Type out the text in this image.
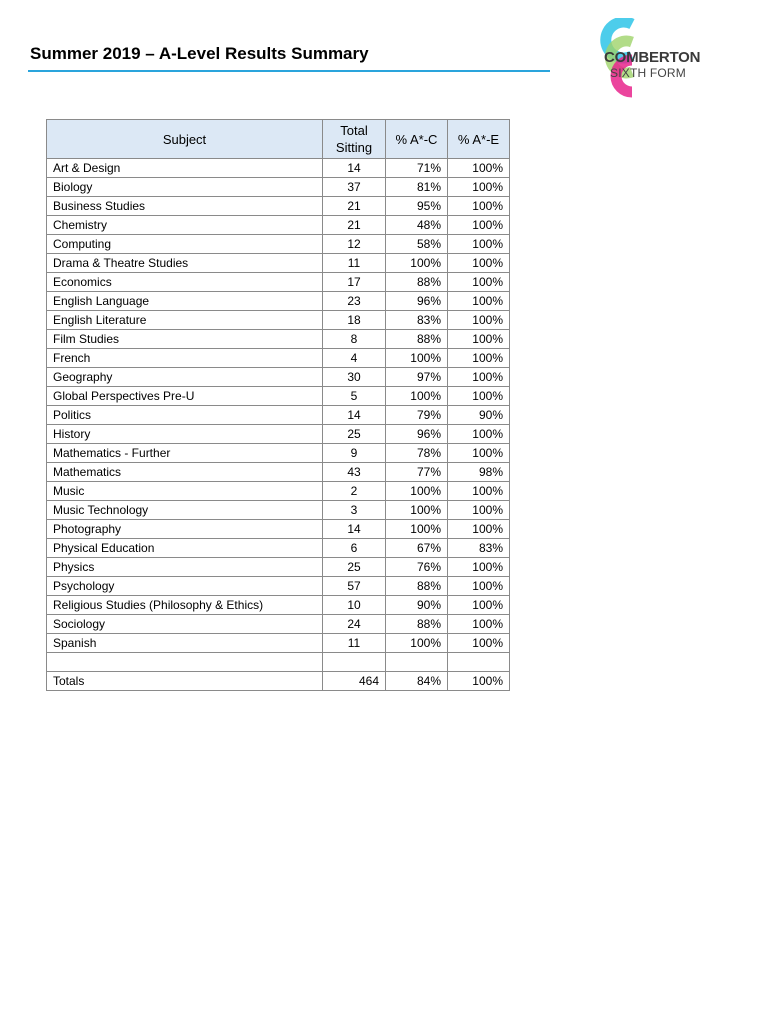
Summer 2019 – A-Level Results Summary	COMBERTON
SIXTH FORM
Subject	Total Sitting	% A*-C	% A*-E
Art & Design	14	71%	100%
Biology	37	81%	100%
Business Studies	21	95%	100%
Chemistry	21	48%	100%
Computing	12	58%	100%
Drama & Theatre Studies	11	100%	100%
Economics	17	88%	100%
English Language	23	96%	100%
English Literature	18	83%	100%
Film Studies	8	88%	100%
French	4	100%	100%
Geography	30	97%	100%
Global Perspectives Pre-U	5	100%	100%
Politics	14	79%	90%
History	25	96%	100%
Mathematics - Further	9	78%	100%
Mathematics	43	77%	98%
Music	2	100%	100%
Music Technology	3	100%	100%
Photography	14	100%	100%
Physical Education	6	67%	83%
Physics	25	76%	100%
Psychology	57	88%	100%
Religious Studies (Philosophy & Ethics)	10	90%	100%
Sociology	24	88%	100%
Spanish	11	100%	100%

Totals	464	84%	100%
